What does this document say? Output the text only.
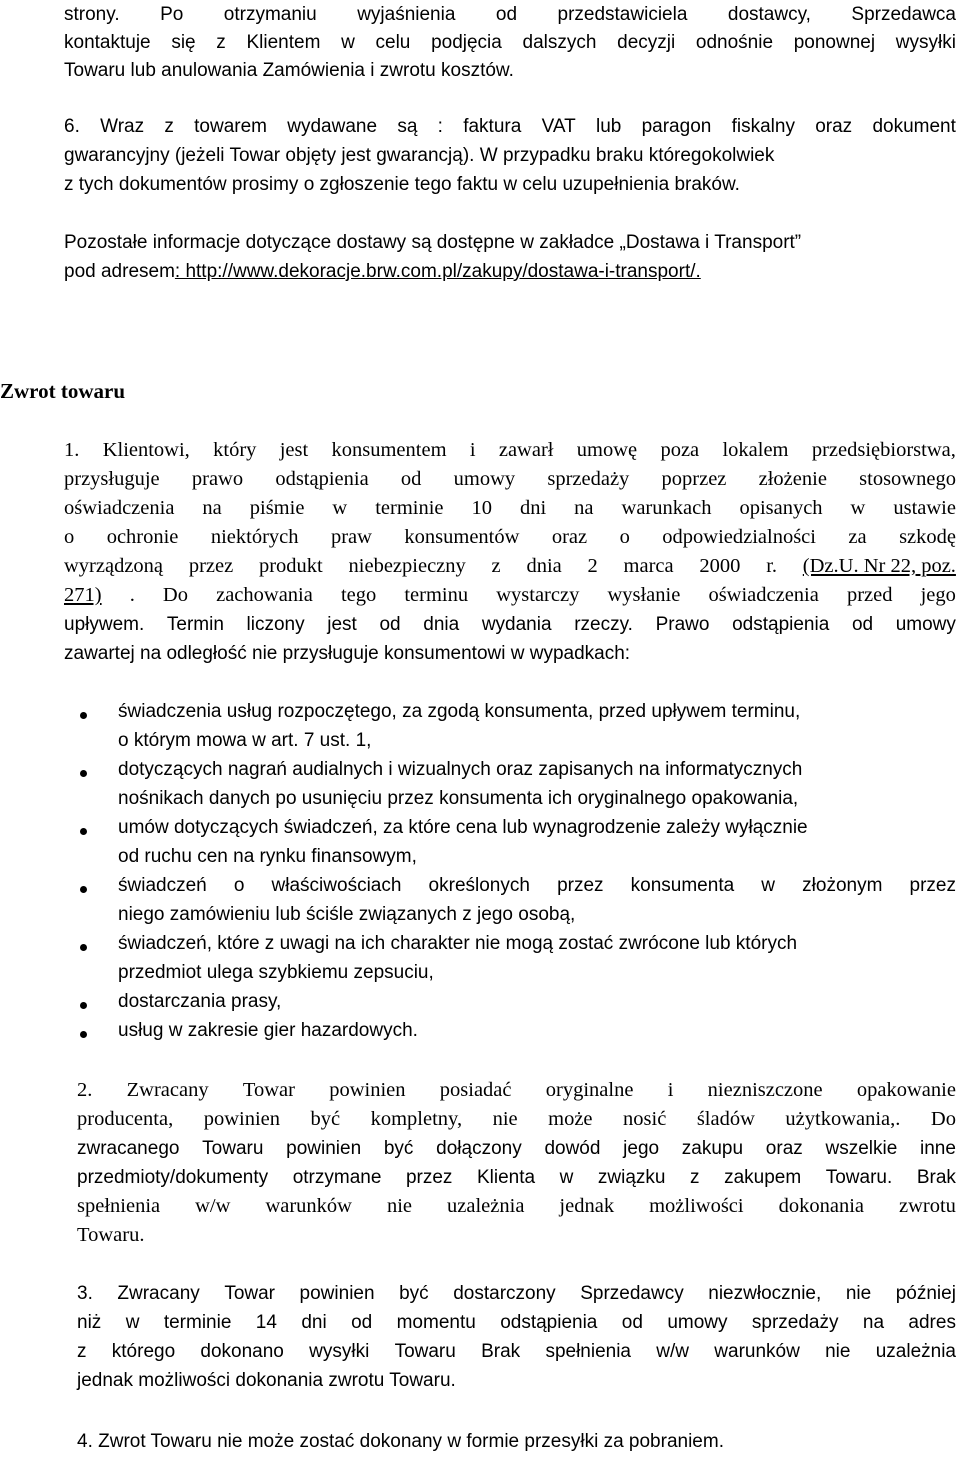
strony. Po otrzymaniu wyjaśnienia od przedstawiciela dostawcy, Sprzedawca
kontaktuje się z Klientem w celu podjęcia dalszych decyzji odnośnie ponownej wysyłki
Towaru lub anulowania Zamówienia i zwrotu kosztów.
6. Wraz z towarem wydawane są : faktura VAT lub paragon fiskalny oraz dokument
gwarancyjny (jeżeli Towar objęty jest gwarancją). W przypadku braku któregokolwiek
z tych dokumentów prosimy o zgłoszenie tego faktu w celu uzupełnienia braków.
Pozostałe informacje dotyczące dostawy są dostępne w zakładce „Dostawa i Transport”
pod adresem: http://www.dekoracje.brw.com.pl/zakupy/dostawa-i-transport/.
Zwrot towaru
1. Klientowi, który jest konsumentem i zawarł umowę poza lokalem przedsiębiorstwa,
przysługuje prawo odstąpienia od umowy sprzedaży poprzez złożenie stosownego
oświadczenia na piśmie w terminie 10 dni na warunkach opisanych w ustawie
o ochronie niektórych praw konsumentów oraz o odpowiedzialności za szkodę
wyrządzoną przez produkt niebezpieczny z dnia 2 marca 2000 r. (Dz.U. Nr 22, poz.
271) . Do zachowania tego terminu wystarczy wysłanie oświadczenia przed jego
upływem. Termin liczony jest od dnia wydania rzeczy. Prawo odstąpienia od umowy
zawartej na odległość nie przysługuje konsumentowi w wypadkach:
świadczenia usług rozpoczętego, za zgodą konsumenta, przed upływem terminu,
o którym mowa w art. 7 ust. 1,
dotyczących nagrań audialnych i wizualnych oraz zapisanych na informatycznych
nośnikach danych po usunięciu przez konsumenta ich oryginalnego opakowania,
umów dotyczących świadczeń, za które cena lub wynagrodzenie zależy wyłącznie
od ruchu cen na rynku finansowym,
świadczeń o właściwościach określonych przez konsumenta w złożonym przez
niego zamówieniu lub ściśle związanych z jego osobą,
świadczeń, które z uwagi na ich charakter nie mogą zostać zwrócone lub których
przedmiot ulega szybkiemu zepsuciu,
dostarczania prasy,
usług w zakresie gier hazardowych.
2. Zwracany Towar powinien posiadać oryginalne i niezniszczone opakowanie
producenta, powinien być kompletny, nie może nosić śladów użytkowania,. Do
zwracanego Towaru powinien być dołączony dowód jego zakupu oraz wszelkie inne
przedmioty/dokumenty otrzymane przez Klienta w związku z zakupem Towaru. Brak
spełnienia w/w warunków nie uzależnia jednak możliwości dokonania zwrotu
Towaru.
3. Zwracany Towar powinien być dostarczony Sprzedawcy niezwłocznie, nie później
niż w terminie 14 dni od momentu odstąpienia od umowy sprzedaży na adres
z którego dokonano wysyłki Towaru Brak spełnienia w/w warunków nie uzależnia
jednak możliwości dokonania zwrotu Towaru.
4. Zwrot Towaru nie może zostać dokonany w formie przesyłki za pobraniem.
